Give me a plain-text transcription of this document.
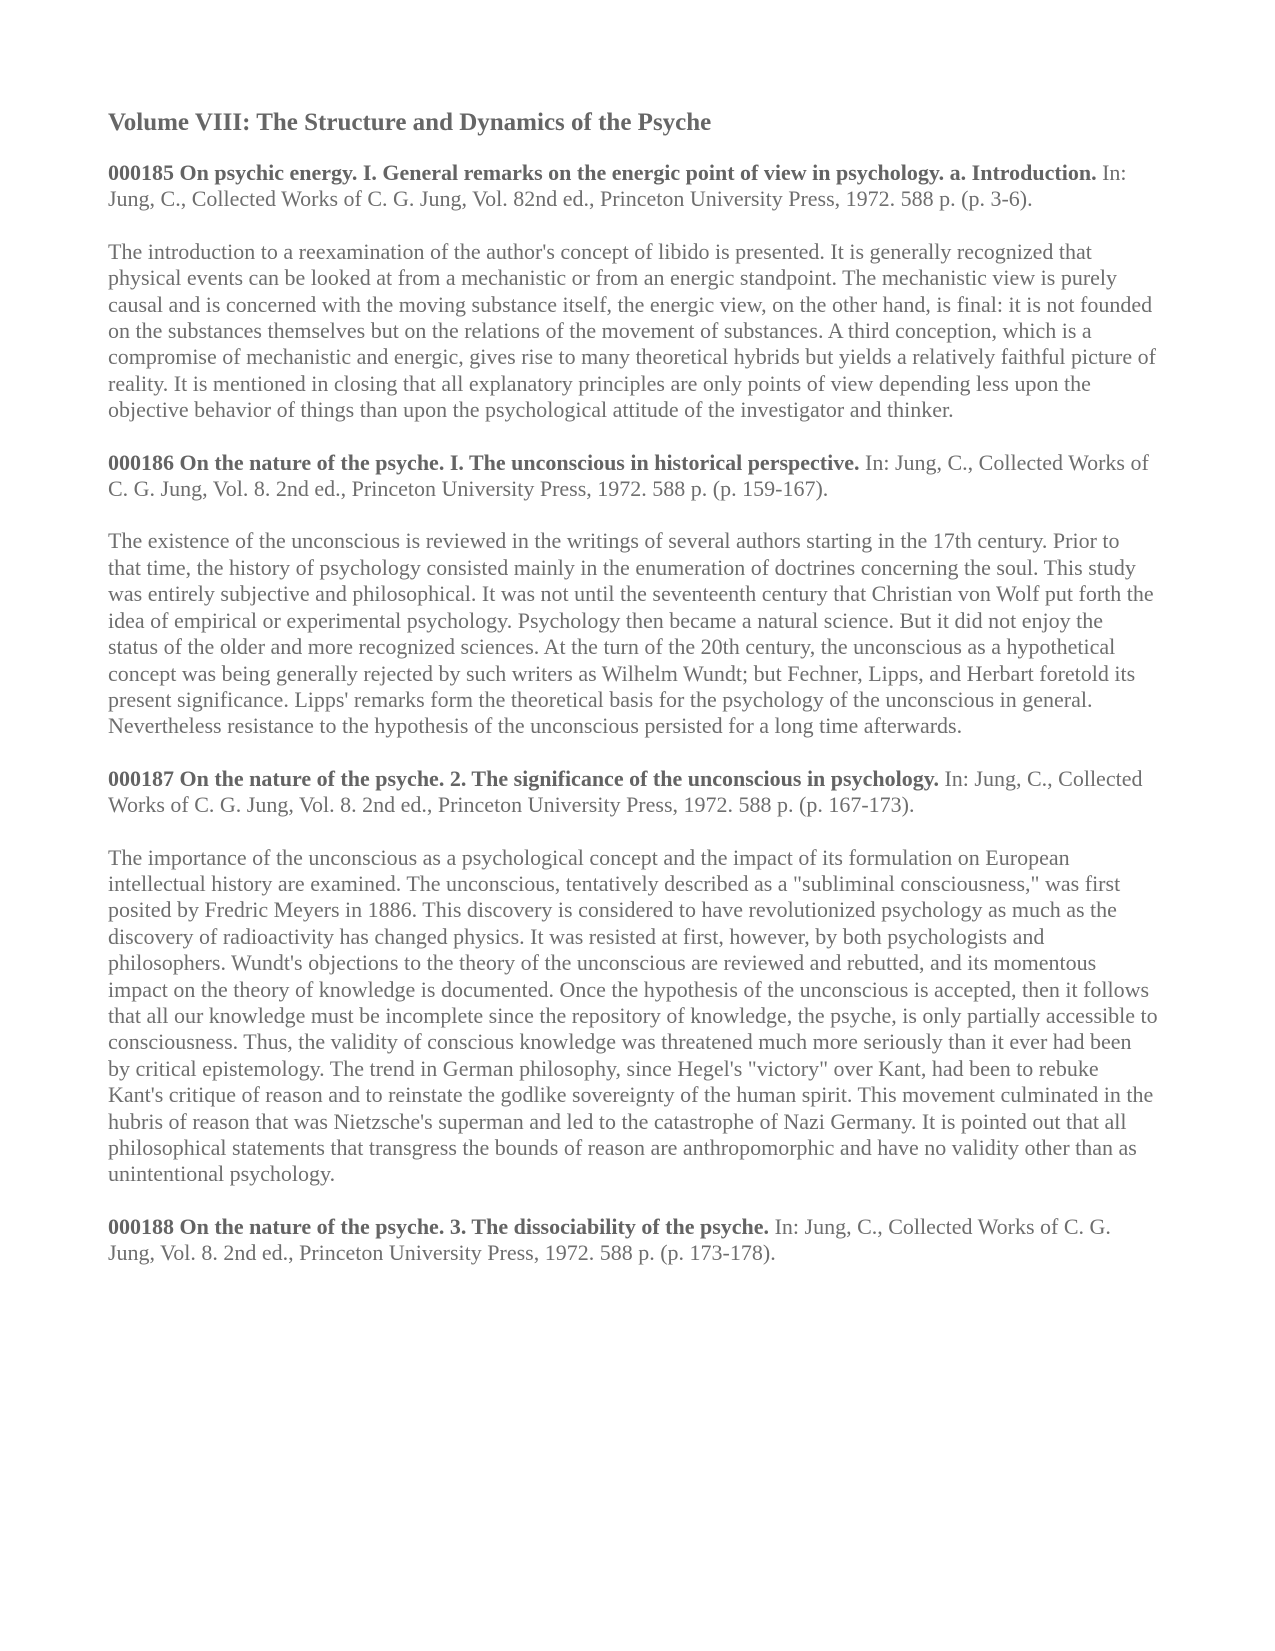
Volume VIII: The Structure and Dynamics of the Psyche

000185 On psychic energy. I. General remarks on the energic point of view in psychology. a. Introduction. In: Jung, C., Collected Works of C. G. Jung, Vol. 82nd ed., Princeton University Press, 1972. 588 p. (p. 3-6).

The introduction to a reexamination of the author's concept of libido is presented. It is generally recognized that physical events can be looked at from a mechanistic or from an energic standpoint. The mechanistic view is purely causal and is concerned with the moving substance itself, the energic view, on the other hand, is final: it is not founded on the substances themselves but on the relations of the movement of substances. A third conception, which is a compromise of mechanistic and energic, gives rise to many theoretical hybrids but yields a relatively faithful picture of reality. It is mentioned in closing that all explanatory principles are only points of view depending less upon the objective behavior of things than upon the psychological attitude of the investigator and thinker.

000186 On the nature of the psyche. I. The unconscious in historical perspective. In: Jung, C., Collected Works of C. G. Jung, Vol. 8. 2nd ed., Princeton University Press, 1972. 588 p. (p. 159-167).

The existence of the unconscious is reviewed in the writings of several authors starting in the 17th century. Prior to that time, the history of psychology consisted mainly in the enumeration of doctrines concerning the soul. This study was entirely subjective and philosophical. It was not until the seventeenth century that Christian von Wolf put forth the idea of empirical or experimental psychology. Psychology then became a natural science. But it did not enjoy the status of the older and more recognized sciences. At the turn of the 20th century, the unconscious as a hypothetical concept was being generally rejected by such writers as Wilhelm Wundt; but Fechner, Lipps, and Herbart foretold its present significance. Lipps' remarks form the theoretical basis for the psychology of the unconscious in general. Nevertheless resistance to the hypothesis of the unconscious persisted for a long time afterwards.

000187 On the nature of the psyche. 2. The significance of the unconscious in psychology. In: Jung, C., Collected Works of C. G. Jung, Vol. 8. 2nd ed., Princeton University Press, 1972. 588 p. (p. 167-173).

The importance of the unconscious as a psychological concept and the impact of its formulation on European intellectual history are examined. The unconscious, tentatively described as a "subliminal consciousness," was first posited by Fredric Meyers in 1886. This discovery is considered to have revolutionized psychology as much as the discovery of radioactivity has changed physics. It was resisted at first, however, by both psychologists and philosophers. Wundt's objections to the theory of the unconscious are reviewed and rebutted, and its momentous impact on the theory of knowledge is documented. Once the hypothesis of the unconscious is accepted, then it follows that all our knowledge must be incomplete since the repository of knowledge, the psyche, is only partially accessible to consciousness. Thus, the validity of conscious knowledge was threatened much more seriously than it ever had been by critical epistemology. The trend in German philosophy, since Hegel's "victory" over Kant, had been to rebuke Kant's critique of reason and to reinstate the godlike sovereignty of the human spirit. This movement culminated in the hubris of reason that was Nietzsche's superman and led to the catastrophe of Nazi Germany. It is pointed out that all philosophical statements that transgress the bounds of reason are anthropomorphic and have no validity other than as unintentional psychology.

000188 On the nature of the psyche. 3. The dissociability of the psyche. In: Jung, C., Collected Works of C. G. Jung, Vol. 8. 2nd ed., Princeton University Press, 1972. 588 p. (p. 173-178).
